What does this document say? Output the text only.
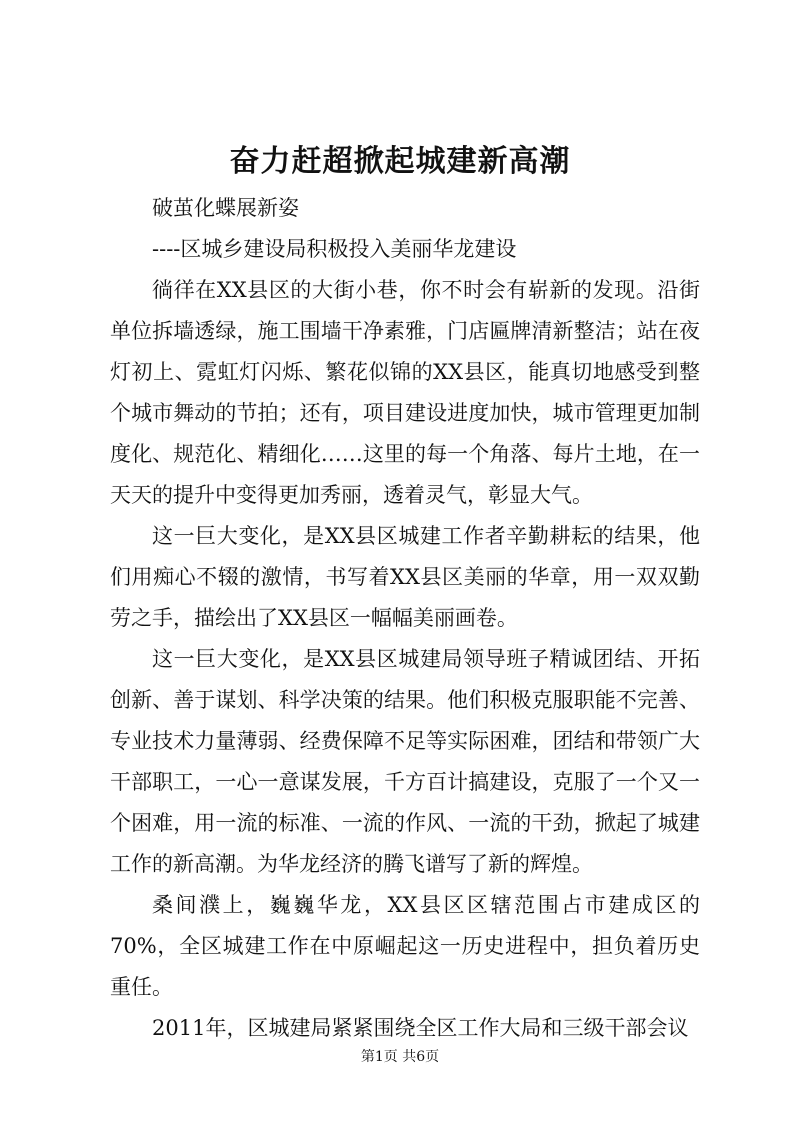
奋力赶超掀起城建新高潮

破茧化蝶展新姿

----区城乡建设局积极投入美丽华龙建设

徜徉在XX县区的大街小巷，你不时会有崭新的发现。沿街单位拆墙透绿，施工围墙干净素雅，门店匾牌清新整洁；站在夜灯初上、霓虹灯闪烁、繁花似锦的XX县区，能真切地感受到整个城市舞动的节拍；还有，项目建设进度加快，城市管理更加制度化、规范化、精细化……这里的每一个角落、每片土地，在一天天的提升中变得更加秀丽，透着灵气，彰显大气。

这一巨大变化，是XX县区城建工作者辛勤耕耘的结果，他们用痴心不辍的激情，书写着XX县区美丽的华章，用一双双勤劳之手，描绘出了XX县区一幅幅美丽画卷。

这一巨大变化，是XX县区城建局领导班子精诚团结、开拓创新、善于谋划、科学决策的结果。他们积极克服职能不完善、专业技术力量薄弱、经费保障不足等实际困难，团结和带领广大干部职工，一心一意谋发展，千方百计搞建设，克服了一个又一个困难，用一流的标准、一流的作风、一流的干劲，掀起了城建工作的新高潮。为华龙经济的腾飞谱写了新的辉煌。

桑间濮上，巍巍华龙，XX县区区辖范围占市建成区的70%，全区城建工作在中原崛起这一历史进程中，担负着历史重任。

2011年，区城建局紧紧围绕全区工作大局和三级干部会议

第1页 共6页
